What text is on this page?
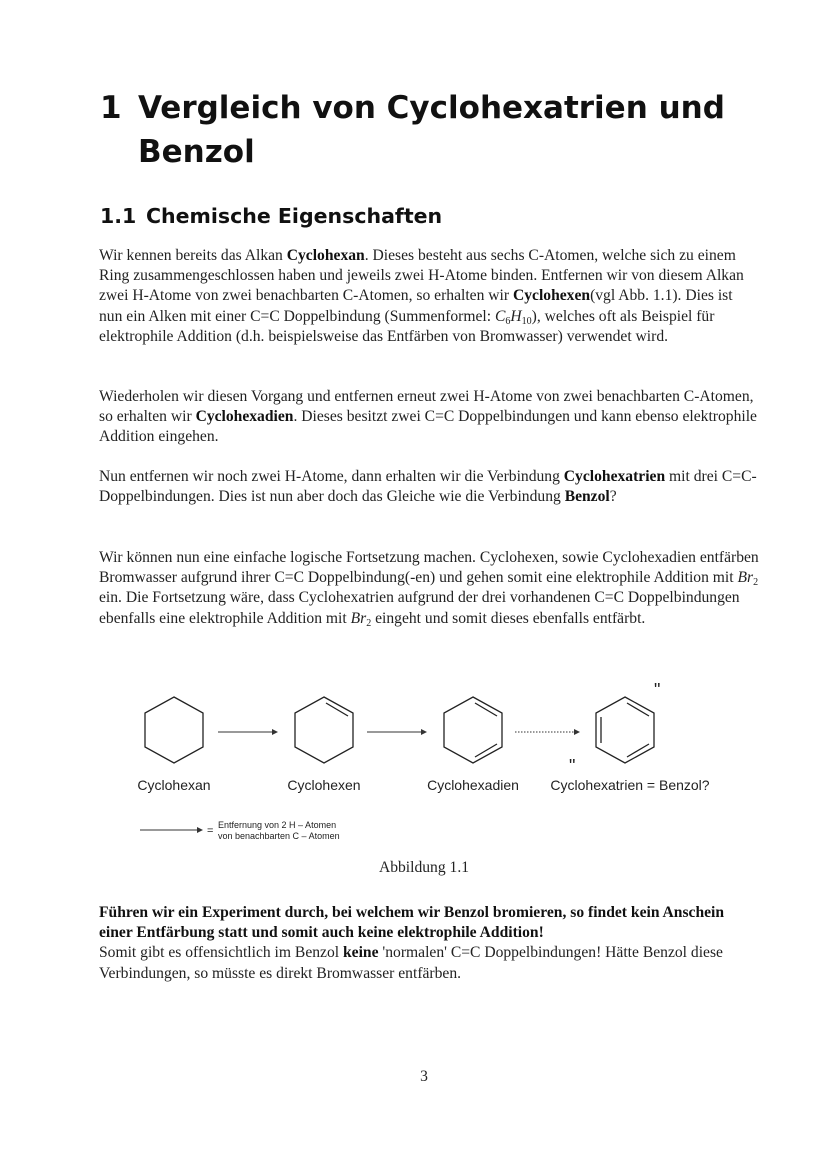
1 Vergleich von Cyclohexatrien und
Benzol
1.1 Chemische Eigenschaften

Wir kennen bereits das Alkan Cyclohexan. Dieses besteht aus sechs C-Atomen, welche sich zu einem Ring zusammengeschlossen haben und jeweils zwei H-Atome binden. Entfernen wir von diesem Alkan zwei H-Atome von zwei benachbarten C-Atomen, so erhalten wir Cyclohexen(vgl Abb. 1.1). Dies ist nun ein Alken mit einer C=C Doppelbindung (Summenformel: $C_6H_{10}$), welches oft als Beispiel für elektrophile Addition (d.h. beispielsweise das Entfärben von Bromwasser) verwendet wird.

Wiederholen wir diesen Vorgang und entfernen erneut zwei H-Atome von zwei benachbarten C-Atomen, so erhalten wir Cyclohexadien. Dieses besitzt zwei C=C Doppelbindungen und kann ebenso elektrophile Addition eingehen.

Nun entfernen wir noch zwei H-Atome, dann erhalten wir die Verbindung Cyclohexatrien mit drei C=C-Doppelbindungen. Dies ist nun aber doch das Gleiche wie die Verbindung Benzol?

Wir können nun eine einfache logische Fortsetzung machen. Cyclohexen, sowie Cyclohexadien entfärben Bromwasser aufgrund ihrer C=C Doppelbindung(-en) und gehen somit eine elektrophile Addition mit $Br_2$ ein. Die Fortsetzung wäre, dass Cyclohexatrien aufgrund der drei vorhandenen C=C Doppelbindungen ebenfalls eine elektrophile Addition mit $Br_2$ eingeht und somit dieses ebenfalls entfärbt.

"
"
Cyclohexan	Cyclohexen	Cyclohexadien Cyclohexatrien = Benzol?
= Entfernung von 2 H – Atomen
von benachbarten C – Atomen

Abbildung 1.1

Führen wir ein Experiment durch, bei welchem wir Benzol bromieren, so findet kein Anschein einer Entfärbung statt und somit auch keine elektrophile Addition!
Somit gibt es offensichtlich im Benzol keine 'normalen' C=C Doppelbindungen! Hätte Benzol diese Verbindungen, so müsste es direkt Bromwasser entfärben.

3
